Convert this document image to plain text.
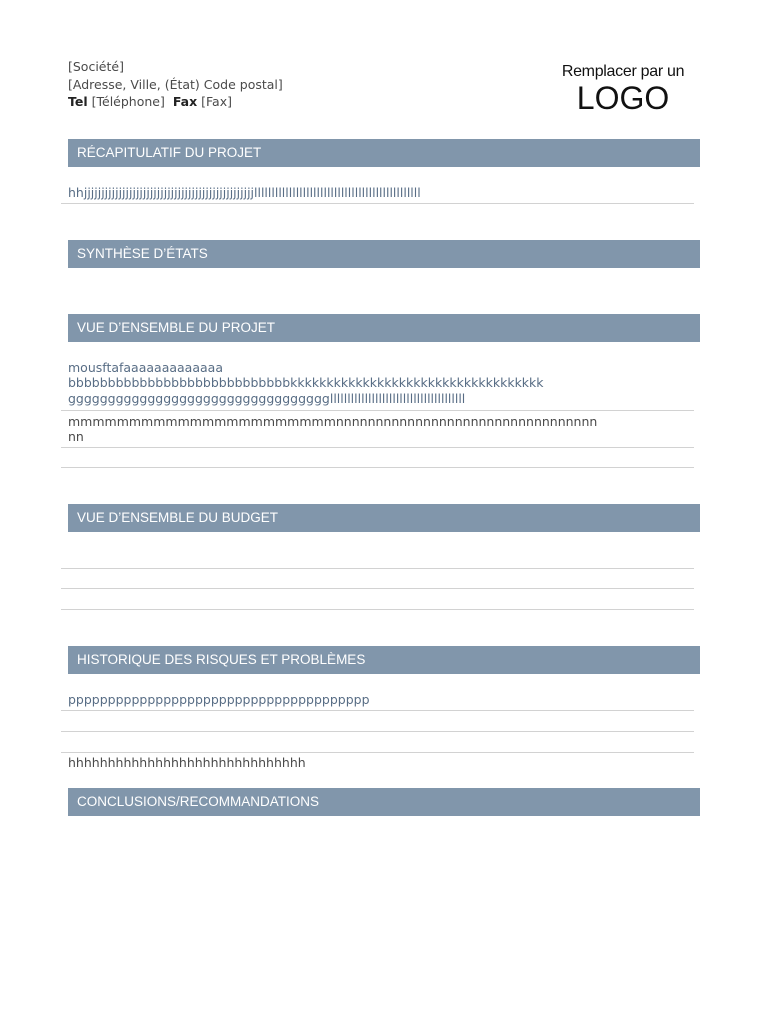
[Société]
[Adresse, Ville, (État) Code postal]
Tel [Téléphone] Fax [Fax]
Remplacer par un
LOGO
RÉCAPITULATIF DU PROJET
hhjjjjjjjjjjjjjjjjjjjjjjjjjjjjjjjjjjjjjjjjjjjjjjjjjllllllllllllllllllllllllllllllllllllllllllllllll
SYNTHÈSE D’ÉTATS
VUE D’ENSEMBLE DU PROJET
mousftafaaaaaaaaaaaaa
bbbbbbbbbbbbbbbbbbbbbbbbbbbbkkkkkkkkkkkkkkkkkkkkkkkkkkkkkkkkkkk
ggggggggggggggggggggggggggggggggglllllllllllllllllllllllllllllllllllllll
mmmmmmmmmmmmmmmmmmmmmmnnnnnnnnnnnnnnnnnnnnnnnnnnnnnnnnn
nn
VUE D’ENSEMBLE DU BUDGET
HISTORIQUE DES RISQUES ET PROBLÈMES
pppppppppppppppppppppppppppppppppppppp
hhhhhhhhhhhhhhhhhhhhhhhhhhhhhh
CONCLUSIONS/RECOMMANDATIONS
